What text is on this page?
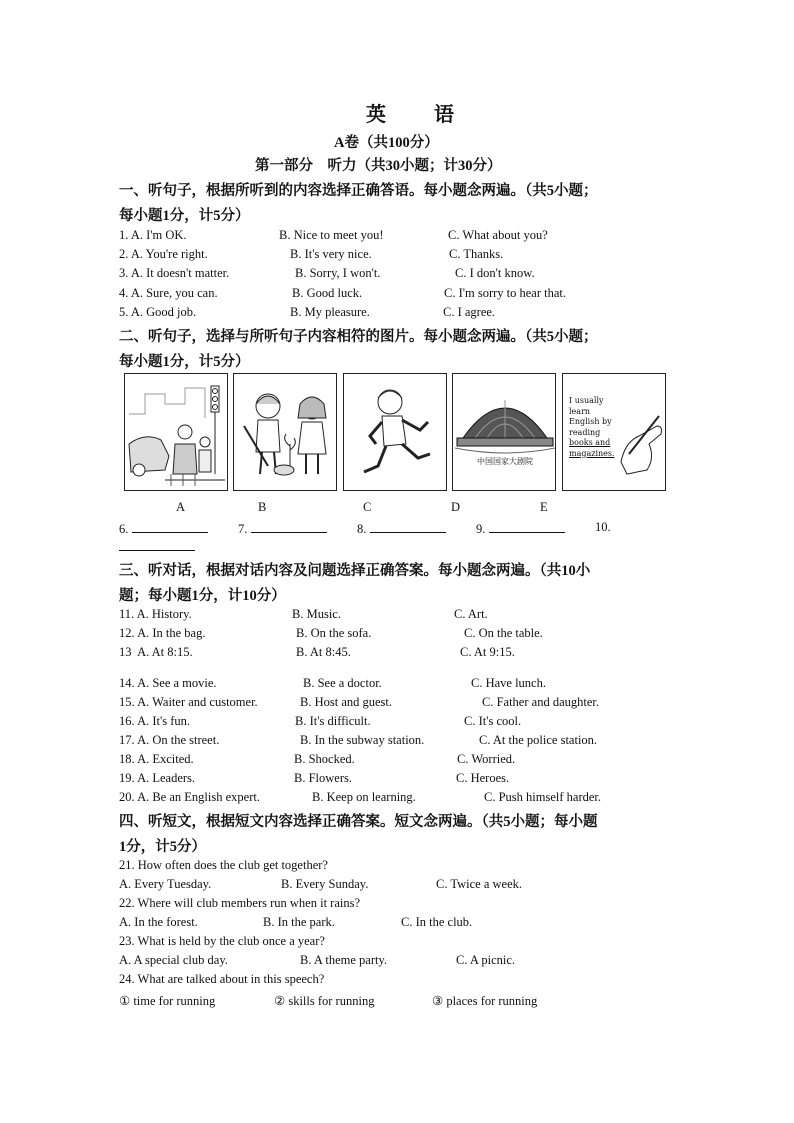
英　语
A卷（共100分）
第一部分　听力（共30小题；计30分）
一、听句子，根据所听到的内容选择正确答语。每小题念两遍。（共5小题；
每小题1分，计5分）
1. A. I'm OK.	B. Nice to meet you!	C. What about you?
2. A. You're right.	B. It's very nice.	C. Thanks.
3. A. It doesn't matter.	B. Sorry, I won't.	C. I don't know.
4. A. Sure, you can.	B. Good luck.	C. I'm sorry to hear that.
5. A. Good job.	B. My pleasure.	C. I agree.
二、听句子，选择与所听句子内容相符的图片。每小题念两遍。（共5小题；
每小题1分，计5分）
中国国家大剧院
I usually
learn
English by
reading
books and
magazines.
A	B	C	D	E
6.	7.	8.	9.	10.
三、听对话，根据对话内容及问题选择正确答案。每小题念两遍。（共10小
题；每小题1分，计10分）
11. A. History.	B. Music.	C. Art.
12. A. In the bag.	B. On the sofa.	C. On the table.
13 A. At 8:15.	B. At 8:45.	C. At 9:15.
14. A. See a movie.	B. See a doctor.	C. Have lunch.
15. A. Waiter and customer.	B. Host and guest.	C. Father and daughter.
16. A. It's fun.	B. It's difficult.	C. It's cool.
17. A. On the street.	B. In the subway station.	C. At the police station.
18. A. Excited.	B. Shocked.	C. Worried.
19. A. Leaders.	B. Flowers.	C. Heroes.
20. A. Be an English expert.	B. Keep on learning.	C. Push himself harder.
四、听短文，根据短文内容选择正确答案。短文念两遍。（共5小题；每小题
1分，计5分）
21. How often does the club get together?
A. Every Tuesday.	B. Every Sunday.	C. Twice a week.
22. Where will club members run when it rains?
A. In the forest.	B. In the park.	C. In the club.
23. What is held by the club once a year?
A. A special club day.	B. A theme party.	C. A picnic.
24. What are talked about in this speech?
① time for running	② skills for running	③ places for running
